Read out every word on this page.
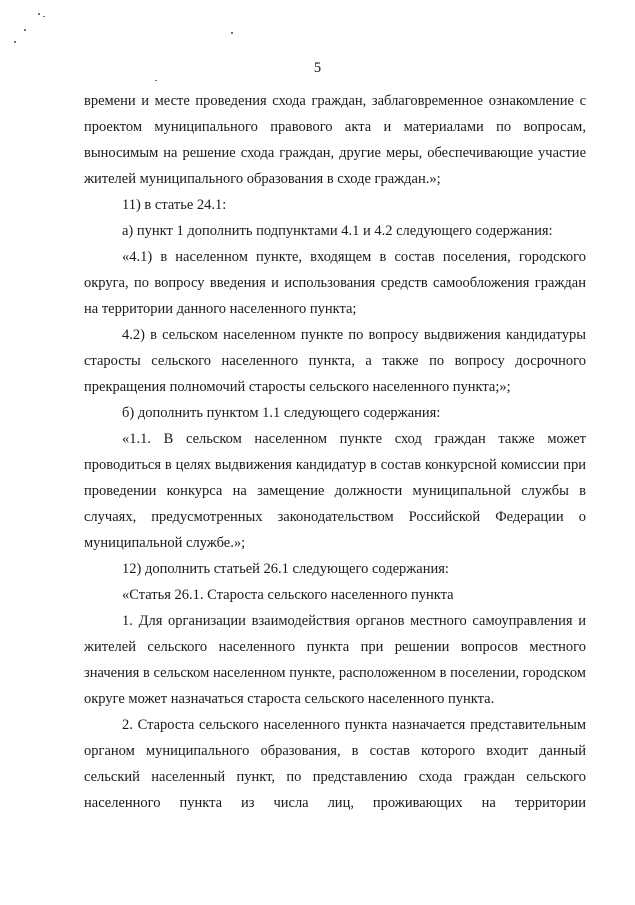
5

времени и месте проведения схода граждан, заблаговременное ознакомление с проектом муниципального правового акта и материалами по вопросам, выносимым на решение схода граждан, другие меры, обеспечивающие участие жителей муниципального образования в сходе граждан.»;

11) в статье 24.1:

а) пункт 1 дополнить подпунктами 4.1 и 4.2 следующего содержания:

«4.1) в населенном пункте, входящем в состав поселения, городского округа, по вопросу введения и использования средств самообложения граждан на территории данного населенного пункта;

4.2) в сельском населенном пункте по вопросу выдвижения кандидатуры старосты сельского населенного пункта, а также по вопросу досрочного прекращения полномочий старосты сельского населенного пункта;»;

б) дополнить пунктом 1.1 следующего содержания:

«1.1. В сельском населенном пункте сход граждан также может проводиться в целях выдвижения кандидатур в состав конкурсной комиссии при проведении конкурса на замещение должности муниципальной службы в случаях, предусмотренных законодательством Российской Федерации о муниципальной службе.»;

12) дополнить статьей 26.1 следующего содержания:

«Статья 26.1. Староста сельского населенного пункта

1. Для организации взаимодействия органов местного самоуправления и жителей сельского населенного пункта при решении вопросов местного значения в сельском населенном пункте, расположенном в поселении, городском округе может назначаться староста сельского населенного пункта.

2. Староста сельского населенного пункта назначается представительным органом муниципального образования, в состав которого входит данный сельский населенный пункт, по представлению схода граждан сельского населенного пункта из числа лиц, проживающих на территории
